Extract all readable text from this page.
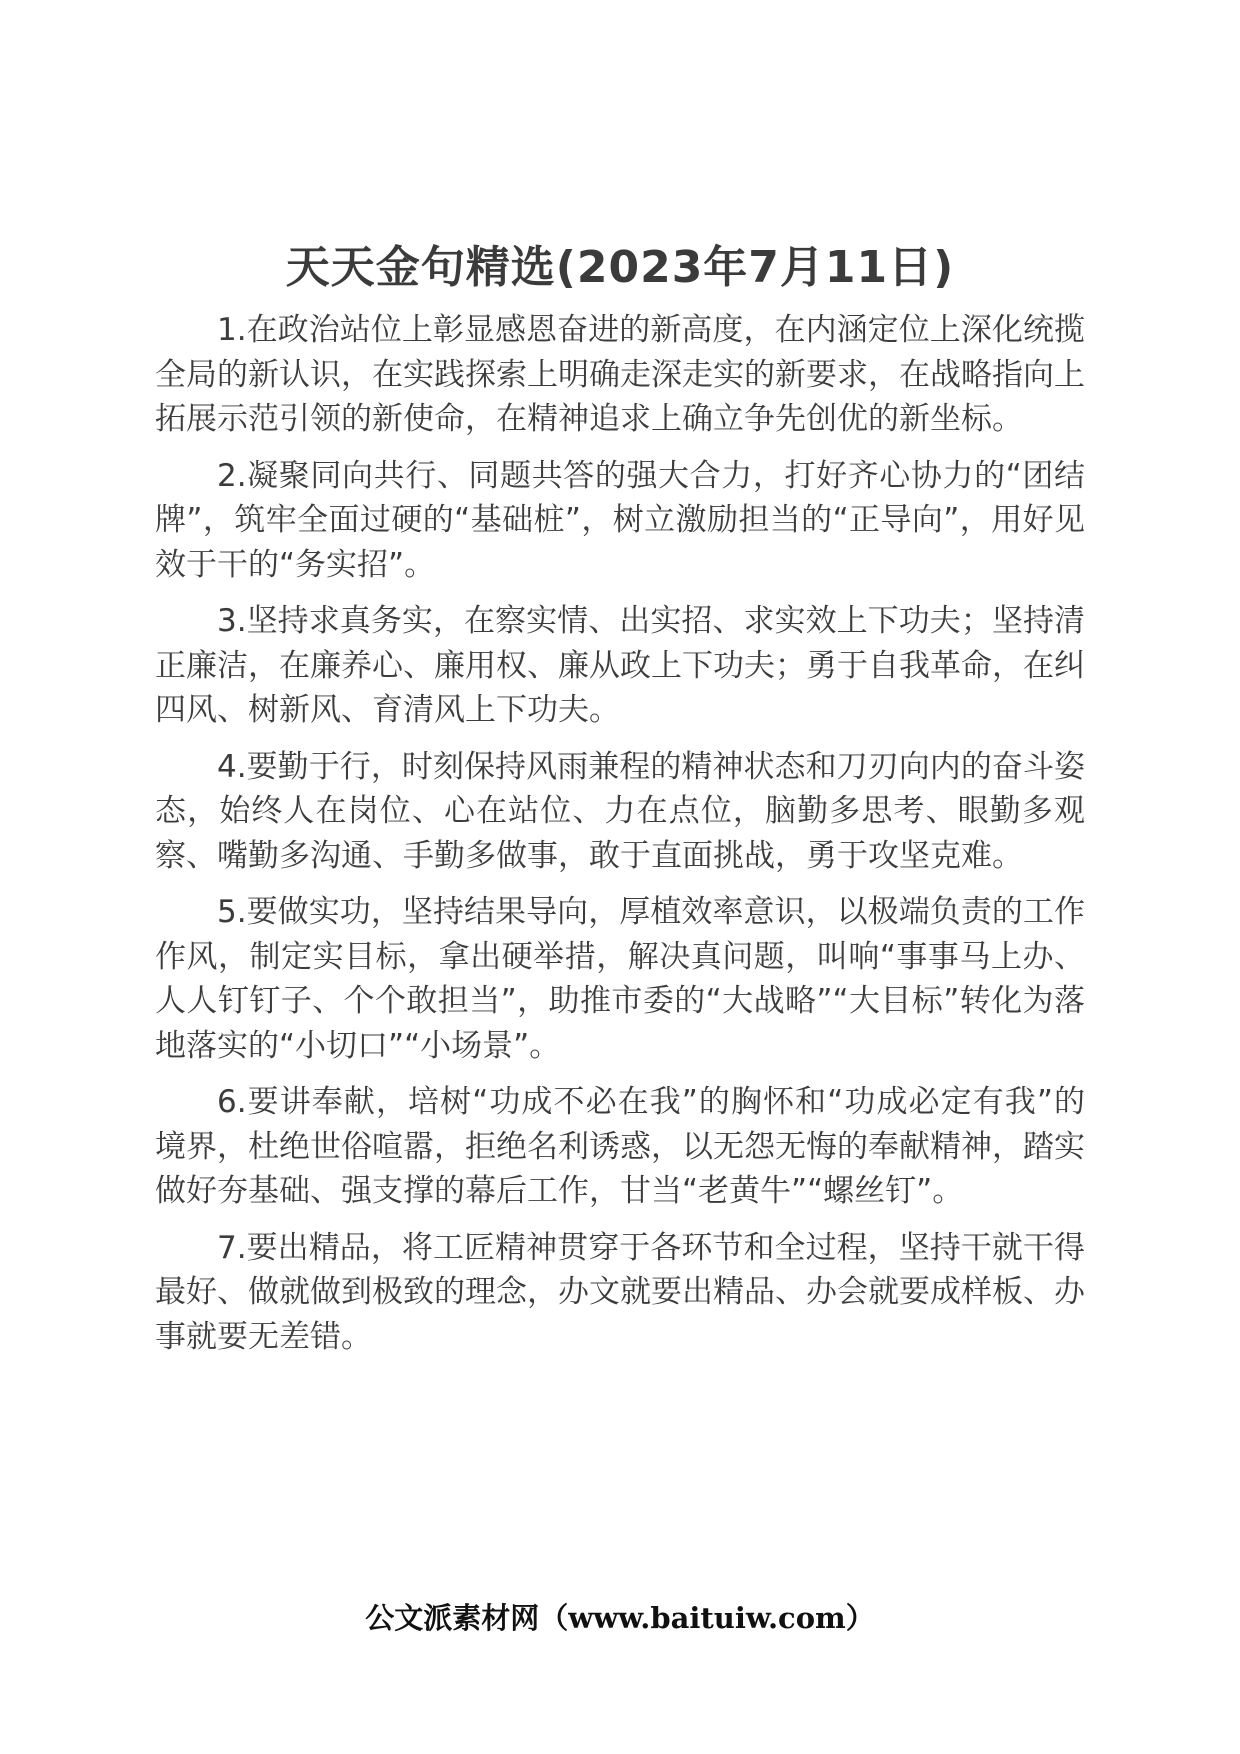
天天金句精选(2023年7月11日)

1.在政治站位上彰显感恩奋进的新高度，在内涵定位上深化统揽全局的新认识，在实践探索上明确走深走实的新要求，在战略指向上拓展示范引领的新使命，在精神追求上确立争先创优的新坐标。

2.凝聚同向共行、同题共答的强大合力，打好齐心协力的“团结牌”，筑牢全面过硬的“基础桩”，树立激励担当的“正导向”，用好见效于干的“务实招”。

3.坚持求真务实，在察实情、出实招、求实效上下功夫；坚持清正廉洁，在廉养心、廉用权、廉从政上下功夫；勇于自我革命，在纠四风、树新风、育清风上下功夫。

4.要勤于行，时刻保持风雨兼程的精神状态和刀刃向内的奋斗姿态，始终人在岗位、心在站位、力在点位，脑勤多思考、眼勤多观察、嘴勤多沟通、手勤多做事，敢于直面挑战，勇于攻坚克难。

5.要做实功，坚持结果导向，厚植效率意识，以极端负责的工作作风，制定实目标，拿出硬举措，解决真问题，叫响“事事马上办、人人钉钉子、个个敢担当”，助推市委的“大战略”“大目标”转化为落地落实的“小切口”“小场景”。

6.要讲奉献，培树“功成不必在我”的胸怀和“功成必定有我”的境界，杜绝世俗喧嚣，拒绝名利诱惑，以无怨无悔的奉献精神，踏实做好夯基础、强支撑的幕后工作，甘当“老黄牛”“螺丝钉”。

7.要出精品，将工匠精神贯穿于各环节和全过程，坚持干就干得最好、做就做到极致的理念，办文就要出精品、办会就要成样板、办事就要无差错。

公文派素材网（www.baituiw.com）
